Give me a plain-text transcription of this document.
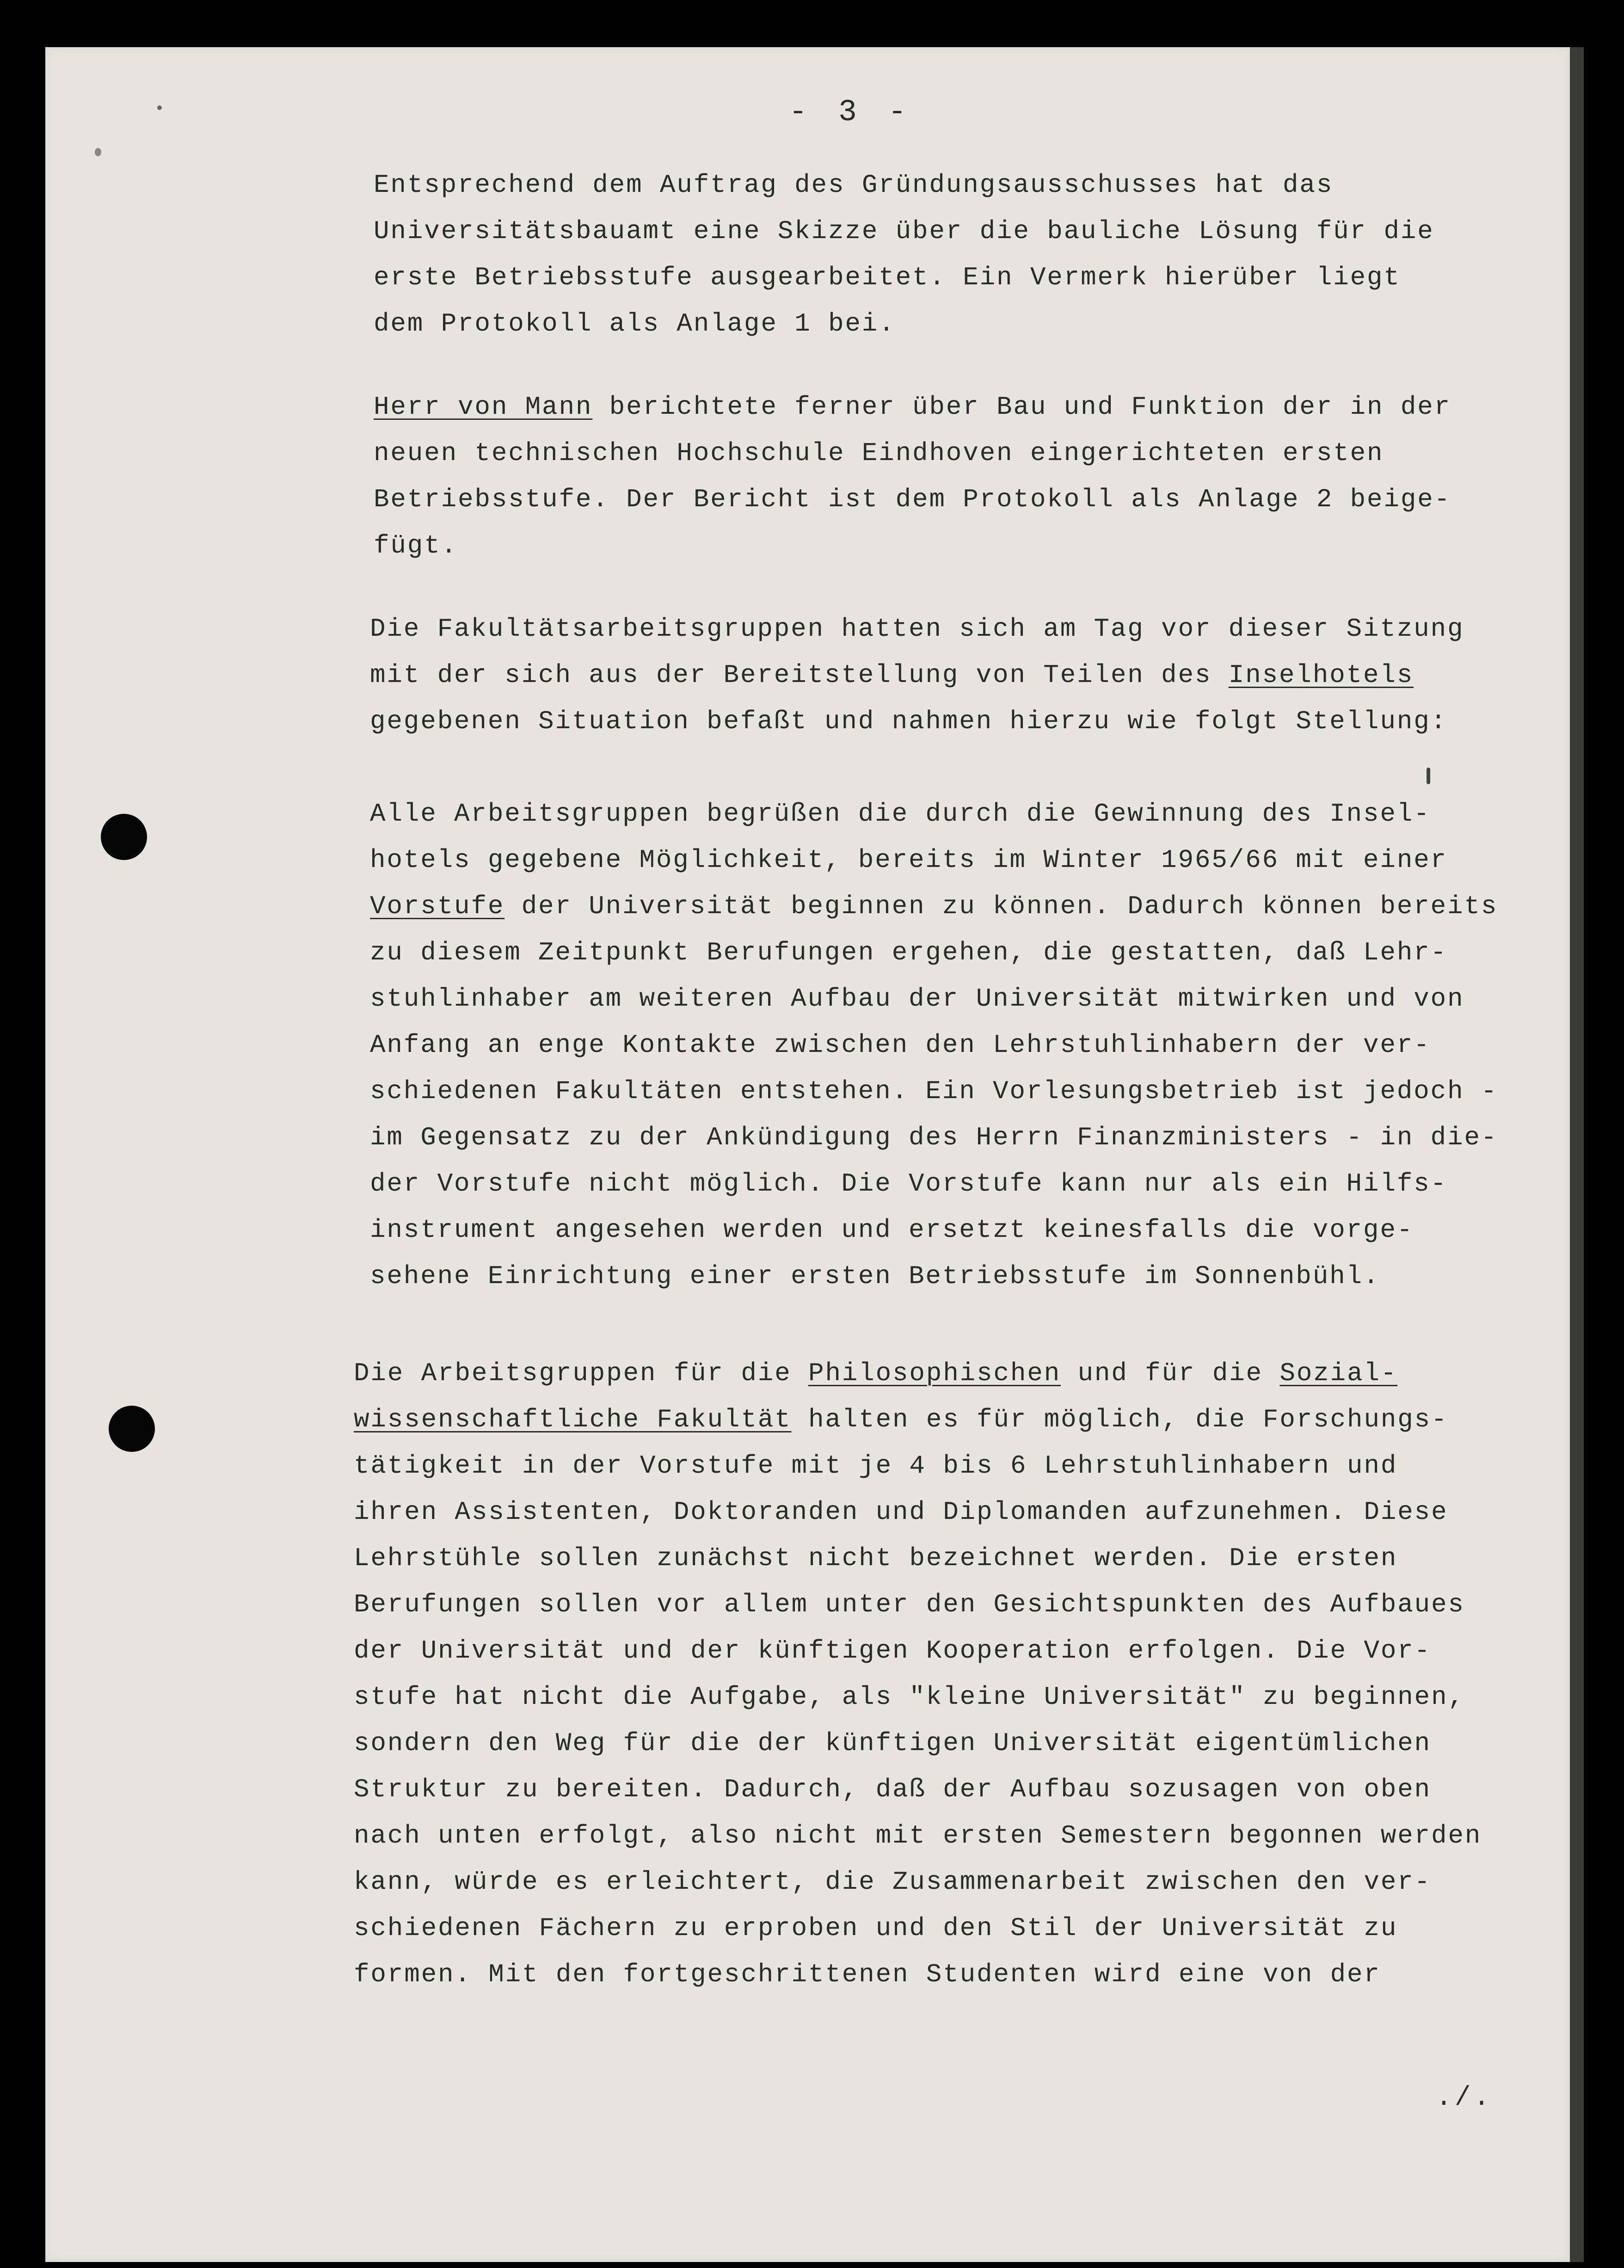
- 3 -
Entsprechend dem Auftrag des Gründungsausschusses hat das
Universitätsbauamt eine Skizze über die bauliche Lösung für die
erste Betriebsstufe ausgearbeitet. Ein Vermerk hierüber liegt
dem Protokoll als Anlage 1 bei.
Herr von Mann berichtete ferner über Bau und Funktion der in der
neuen technischen Hochschule Eindhoven eingerichteten ersten
Betriebsstufe. Der Bericht ist dem Protokoll als Anlage 2 beige-
fügt.
Die Fakultätsarbeitsgruppen hatten sich am Tag vor dieser Sitzung
mit der sich aus der Bereitstellung von Teilen des Inselhotels
gegebenen Situation befaßt und nahmen hierzu wie folgt Stellung:
Alle Arbeitsgruppen begrüßen die durch die Gewinnung des Insel-
hotels gegebene Möglichkeit, bereits im Winter 1965/66 mit einer
Vorstufe der Universität beginnen zu können. Dadurch können bereits
zu diesem Zeitpunkt Berufungen ergehen, die gestatten, daß Lehr-
stuhlinhaber am weiteren Aufbau der Universität mitwirken und von
Anfang an enge Kontakte zwischen den Lehrstuhlinhabern der ver-
schiedenen Fakultäten entstehen. Ein Vorlesungsbetrieb ist jedoch -
im Gegensatz zu der Ankündigung des Herrn Finanzministers - in die-
der Vorstufe nicht möglich. Die Vorstufe kann nur als ein Hilfs-
instrument angesehen werden und ersetzt keinesfalls die vorge-
sehene Einrichtung einer ersten Betriebsstufe im Sonnenbühl.
Die Arbeitsgruppen für die Philosophischen und für die Sozial-
wissenschaftliche Fakultät halten es für möglich, die Forschungs-
tätigkeit in der Vorstufe mit je 4 bis 6 Lehrstuhlinhabern und
ihren Assistenten, Doktoranden und Diplomanden aufzunehmen. Diese
Lehrstühle sollen zunächst nicht bezeichnet werden. Die ersten
Berufungen sollen vor allem unter den Gesichtspunkten des Aufbaues
der Universität und der künftigen Kooperation erfolgen. Die Vor-
stufe hat nicht die Aufgabe, als "kleine Universität" zu beginnen,
sondern den Weg für die der künftigen Universität eigentümlichen
Struktur zu bereiten. Dadurch, daß der Aufbau sozusagen von oben
nach unten erfolgt, also nicht mit ersten Semestern begonnen werden
kann, würde es erleichtert, die Zusammenarbeit zwischen den ver-
schiedenen Fächern zu erproben und den Stil der Universität zu
formen. Mit den fortgeschrittenen Studenten wird eine von der
./.
